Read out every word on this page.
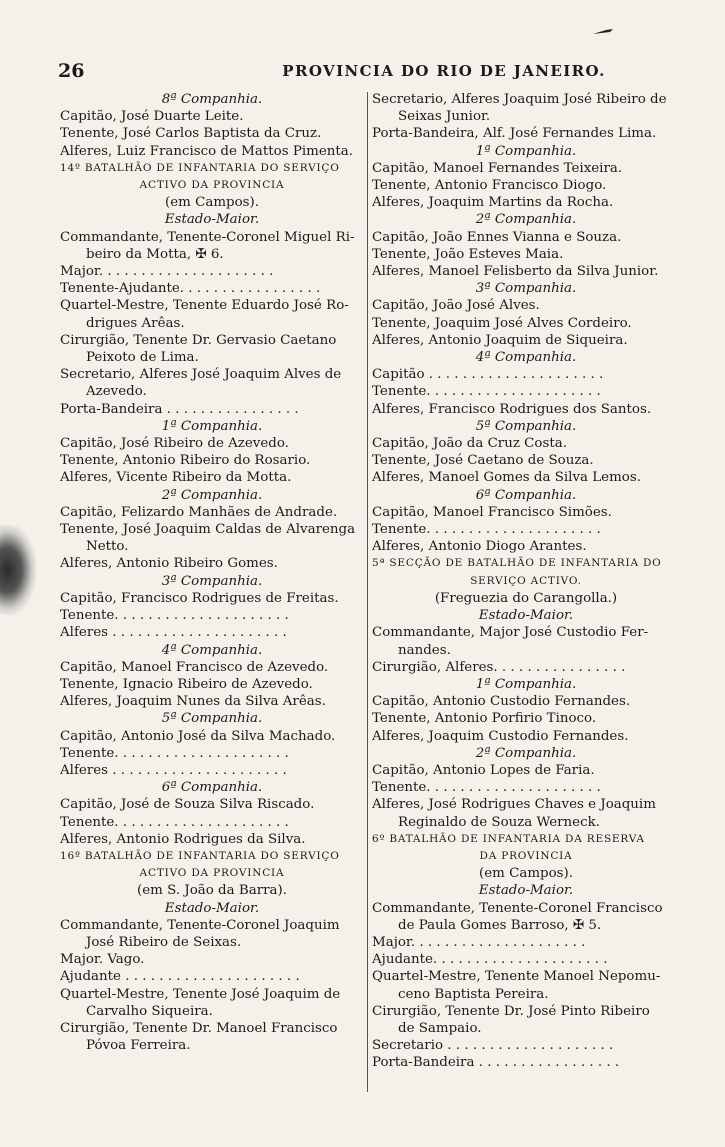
26	PROVINCIA DO RIO DE JANEIRO.
8ª Companhia.
Capitão, José Duarte Leite.
Tenente, José Carlos Baptista da Cruz.
Alferes, Luiz Francisco de Mattos Pimenta.
14º BATALHÃO DE INFANTARIA DO SERVIÇO
ACTIVO DA PROVINCIA
(em Campos).
Estado-Maior.
Commandante, Tenente-Coronel Miguel Ri-
beiro da Motta, ✠ 6.
Major. . . . . . . . . . . . . . . . . . . . .
Tenente-Ajudante. . . . . . . . . . . . . . . . .
Quartel-Mestre, Tenente Eduardo José Ro-
drigues Arêas.
Cirurgião, Tenente Dr. Gervasio Caetano
Peixoto de Lima.
Secretario, Alferes José Joaquim Alves de
Azevedo.
Porta-Bandeira . . . . . . . . . . . . . . . .
1ª Companhia.
Capitão, José Ribeiro de Azevedo.
Tenente, Antonio Ribeiro do Rosario.
Alferes, Vicente Ribeiro da Motta.
2ª Companhia.
Capitão, Felizardo Manhães de Andrade.
Tenente, José Joaquim Caldas de Alvarenga
Netto.
Alferes, Antonio Ribeiro Gomes.
3ª Companhia.
Capitão, Francisco Rodrigues de Freitas.
Tenente. . . . . . . . . . . . . . . . . . . . .
Alferes . . . . . . . . . . . . . . . . . . . . .
4ª Companhia.
Capitão, Manoel Francisco de Azevedo.
Tenente, Ignacio Ribeiro de Azevedo.
Alferes, Joaquim Nunes da Silva Arêas.
5ª Companhia.
Capitão, Antonio José da Silva Machado.
Tenente. . . . . . . . . . . . . . . . . . . . .
Alferes . . . . . . . . . . . . . . . . . . . . .
6ª Companhia.
Capitão, José de Souza Silva Riscado.
Tenente. . . . . . . . . . . . . . . . . . . . .
Alferes, Antonio Rodrigues da Silva.
16º BATALHÃO DE INFANTARIA DO SERVIÇO
ACTIVO DA PROVINCIA
(em S. João da Barra).
Estado-Maior.
Commandante, Tenente-Coronel Joaquim
José Ribeiro de Seixas.
Major. Vago.
Ajudante . . . . . . . . . . . . . . . . . . . . .
Quartel-Mestre, Tenente José Joaquim de
Carvalho Siqueira.
Cirurgião, Tenente Dr. Manoel Francisco
Póvoa Ferreira.
Secretario, Alferes Joaquim José Ribeiro de
Seixas Junior.
Porta-Bandeira, Alf. José Fernandes Lima.
1ª Companhia.
Capitão, Manoel Fernandes Teixeira.
Tenente, Antonio Francisco Diogo.
Alferes, Joaquim Martins da Rocha.
2ª Companhia.
Capitão, João Ennes Vianna e Souza.
Tenente, João Esteves Maia.
Alferes, Manoel Felisberto da Silva Junior.
3ª Companhia.
Capitão, João José Alves.
Tenente, Joaquim José Alves Cordeiro.
Alferes, Antonio Joaquim de Siqueira.
4ª Companhia.
Capitão . . . . . . . . . . . . . . . . . . . . .
Tenente. . . . . . . . . . . . . . . . . . . . .
Alferes, Francisco Rodrigues dos Santos.
5ª Companhia.
Capitão, João da Cruz Costa.
Tenente, José Caetano de Souza.
Alferes, Manoel Gomes da Silva Lemos.
6ª Companhia.
Capitão, Manoel Francisco Simões.
Tenente. . . . . . . . . . . . . . . . . . . . .
Alferes, Antonio Diogo Arantes.
5ª SECÇÃO DE BATALHÃO DE INFANTARIA DO
SERVIÇO ACTIVO.
(Freguezia do Carangolla.)
Estado-Maior.
Commandante, Major José Custodio Fer-
nandes.
Cirurgião, Alferes. . . . . . . . . . . . . . . .
1ª Companhia.
Capitão, Antonio Custodio Fernandes.
Tenente, Antonio Porfirio Tinoco.
Alferes, Joaquim Custodio Fernandes.
2ª Companhia.
Capitão, Antonio Lopes de Faria.
Tenente. . . . . . . . . . . . . . . . . . . . .
Alferes, José Rodrigues Chaves e Joaquim
Reginaldo de Souza Werneck.
6º BATALHÃO DE INFANTARIA DA RESERVA
DA PROVINCIA
(em Campos).
Estado-Maior.
Commandante, Tenente-Coronel Francisco
de Paula Gomes Barroso, ✠ 5.
Major. . . . . . . . . . . . . . . . . . . . .
Ajudante. . . . . . . . . . . . . . . . . . . . .
Quartel-Mestre, Tenente Manoel Nepomu-
ceno Baptista Pereira.
Cirurgião, Tenente Dr. José Pinto Ribeiro
de Sampaio.
Secretario . . . . . . . . . . . . . . . . . . . .
Porta-Bandeira . . . . . . . . . . . . . . . . .
